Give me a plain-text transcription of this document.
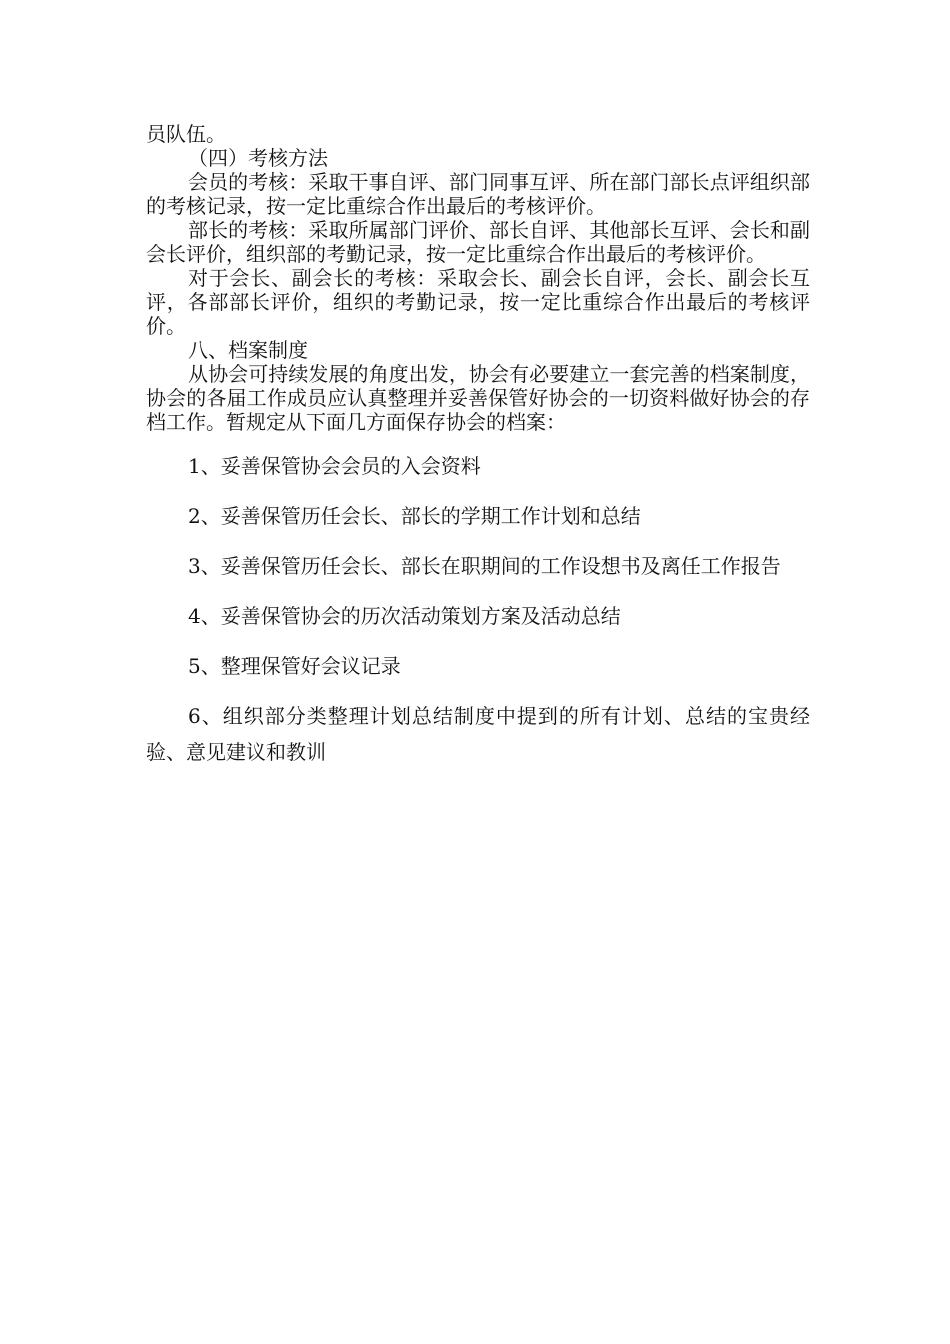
员队伍。

（四）考核方法

会员的考核：采取干事自评、部门同事互评、所在部门部长点评组织部的考核记录，按一定比重综合作出最后的考核评价。

部长的考核：采取所属部门评价、部长自评、其他部长互评、会长和副会长评价，组织部的考勤记录，按一定比重综合作出最后的考核评价。

对于会长、副会长的考核：采取会长、副会长自评，会长、副会长互评，各部部长评价，组织的考勤记录，按一定比重综合作出最后的考核评价。

八、档案制度

从协会可持续发展的角度出发，协会有必要建立一套完善的档案制度，协会的各届工作成员应认真整理并妥善保管好协会的一切资料做好协会的存档工作。暂规定从下面几方面保存协会的档案：

1、妥善保管协会会员的入会资料

2、妥善保管历任会长、部长的学期工作计划和总结

3、妥善保管历任会长、部长在职期间的工作设想书及离任工作报告

4、妥善保管协会的历次活动策划方案及活动总结

5、整理保管好会议记录

6、组织部分类整理计划总结制度中提到的所有计划、总结的宝贵经验、意见建议和教训
